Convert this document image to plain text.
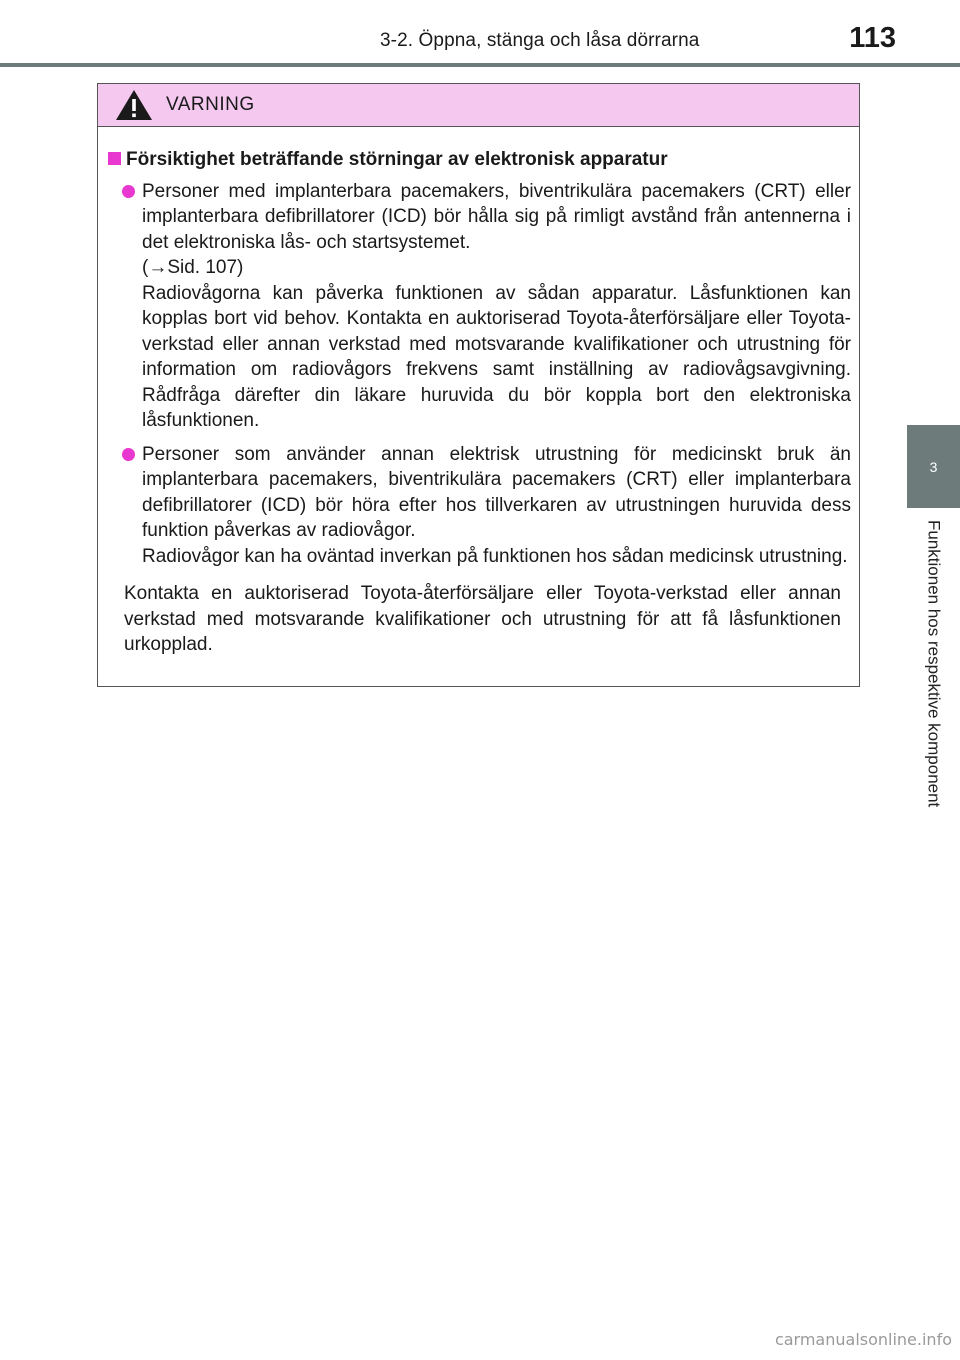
3-2. Öppna, stänga och låsa dörrarna	113
3
Funktionen hos respektive komponent
VARNING
Försiktighet beträffande störningar av elektronisk apparatur

Personer med implanterbara pacemakers, biventrikulära pacemakers (CRT) eller implanterbara defibrillatorer (ICD) bör hålla sig på rimligt avstånd från antennerna i det elektroniska lås- och startsystemet.

(→Sid. 107)

Radiovågorna kan påverka funktionen av sådan apparatur. Låsfunktionen kan kopplas bort vid behov. Kontakta en auktoriserad Toyota-återförsäljare eller Toyota-verkstad eller annan verkstad med motsvarande kvalifikationer och utrustning för information om radiovågors frekvens samt inställning av radiovågsavgivning. Rådfråga därefter din läkare huruvida du bör koppla bort den elektroniska låsfunktionen.

Personer som använder annan elektrisk utrustning för medicinskt bruk än implanterbara pacemakers, biventrikulära pacemakers (CRT) eller implanterbara defibrillatorer (ICD) bör höra efter hos tillverkaren av utrustningen huruvida dess funktion påverkas av radiovågor.

Radiovågor kan ha oväntad inverkan på funktionen hos sådan medicinsk utrustning.

Kontakta en auktoriserad Toyota-återförsäljare eller Toyota-verkstad eller annan verkstad med motsvarande kvalifikationer och utrustning för att få låsfunktionen urkopplad.

carmanualsonline.info
